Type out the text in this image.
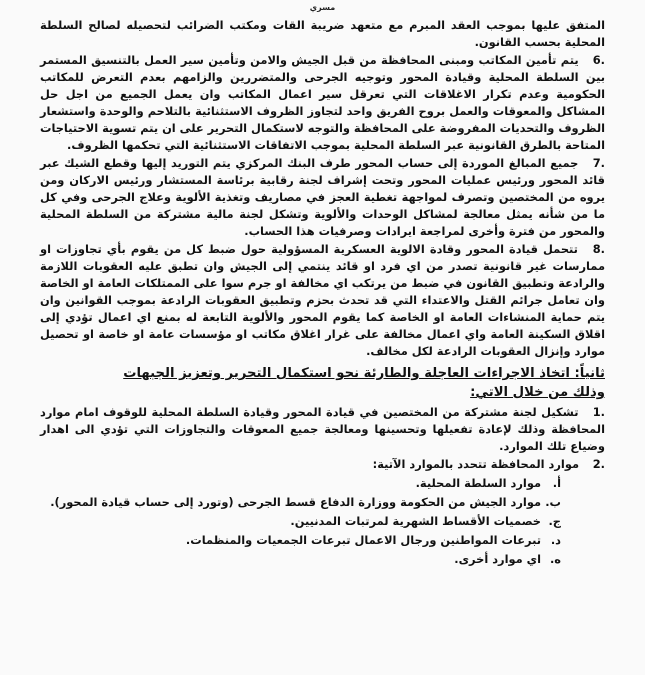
مسري

المتفق عليها بموجب العقد المبرم مع متعهد ضريبة القات ومكتب الضرائب لتحصيله لصالح السلطة المحلية بحسب القانون.

6. يتم تأمين المكاتب ومبنى المحافظة من قبل الجيش والامن وتأمين سير العمل بالتنسيق المستمر بين السلطة المحلية وقيادة المحور وتوجيه الجرحى والمتضررين والزامهم بعدم التعرض للمكاتب الحكومية وعدم تكرار الاغلاقات التي تعرقل سير اعمال المكاتب وان يعمل الجميع من اجل حل المشاكل والمعوقات والعمل بروح الفريق واحد لتجاوز الظروف الاستثنائية بالتلاحم والوحدة واستشعار الظروف والتحديات المفروضة على المحافظة والتوجه لاستكمال التحرير على ان يتم تسوية الاحتياجات المتاحة بالطرق القانونية عبر السلطة المحلية بموجب الاتفاقات الاستثنائية التي تحكمها الظروف.

7. جميع المبالغ الموردة إلى حساب المحور طرف البنك المركزي يتم التوريد إليها وقطع الشيك عبر قائد المحور ورئيس عمليات المحور وتحت إشراف لجنة رقابية برئاسة المستشار ورئيس الاركان ومن يروه من المختصين وتصرف لمواجهة تغطية العجز في مصاريف وتغذية الألوية وعلاج الجرحى وفي كل ما من شأنه يمثل معالجة لمشاكل الوحدات والألوية وتشكل لجنة مالية مشتركة من السلطة المحلية والمحور من فترة وأخرى لمراجعة ايرادات وصرفيات هذا الحساب.

8. تتحمل قيادة المحور وقادة الالوية العسكرية المسؤولية حول ضبط كل من يقوم بأي تجاوزات او ممارسات غير قانونية تصدر من اي فرد او قائد ينتمي إلى الجيش وان تطبق عليه العقوبات اللازمة والرادعة وتطبيق القانون في ضبط من يرتكب اي مخالفة او جرم سوا على الممتلكات العامة او الخاصة وان تعامل جرائم القتل والاعتداء التي قد تحدث بحزم وتطبيق العقوبات الرادعة بموجب القوانين وان يتم حماية المنشاءات العامة او الخاصة كما يقوم المحور والألوية التابعة له بمنع اي اعمال تؤدي إلى اقلاق السكينة العامة واي اعمال مخالفة على غرار اغلاق مكاتب او مؤسسات عامة او خاصة او تحصيل موارد وإنزال العقوبات الرادعة لكل مخالف.

ثانياً: اتخاذ الاجراءات العاجلة والطارئة نحو استكمال التحرير وتعزيز الجبهات
وذلك من خلال الاتي:

1. تشكيل لجنة مشتركة من المختصين في قيادة المحور وقيادة السلطة المحلية للوقوف امام موارد المحافظة وذلك لإعادة تفعيلها وتحسينها ومعالجة جميع المعوقات والتجاوزات التي تؤدي الى اهدار وضياع تلك الموارد.

2. موارد المحافظة تتحدد بالموارد الآتية:

أ. موارد السلطة المحلية.
ب. موارد الجيش من الحكومة ووزارة الدفاع قسط الجرحى (وتورد إلى حساب قيادة المحور).
ج. خصميات الأقساط الشهرية لمرتبات المدنيين.
د. تبرعات المواطنين ورجال الاعمال تبرعات الجمعيات والمنظمات.
ه. اي موارد أخرى.
